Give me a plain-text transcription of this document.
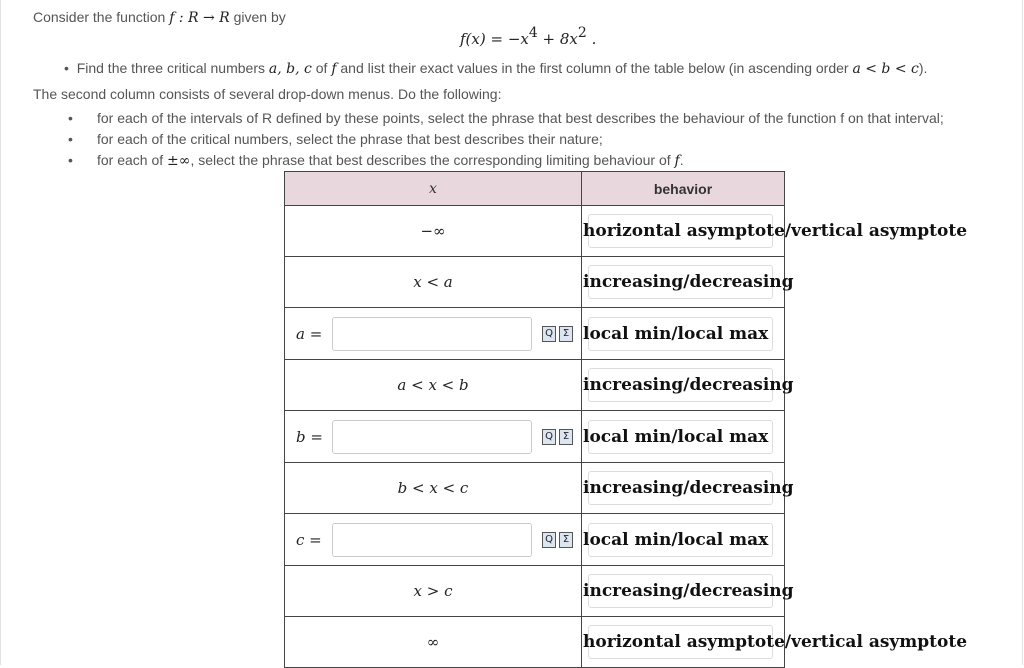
Consider the function f : R → R given by
f(x) = −x4 + 8x2 .
• Find the three critical numbers a, b, c of f and list their exact values in the first column of the table below (in ascending order a < b < c).
The second column consists of several drop-down menus. Do the following:
• for each of the intervals of R defined by these points, select the phrase that best describes the behaviour of the function f on that interval;
• for each of the critical numbers, select the phrase that best describes their nature;
• for each of ±∞, select the phrase that best describes the corresponding limiting behaviour of f.
x	behavior
−∞	horizontal asymptote/vertical asymptote

x < a	increasing/decreasing

a = Q Σ	local min/local max

a < x < b	increasing/decreasing

b = Q Σ	local min/local max

b < x < c	increasing/decreasing

c = Q Σ	local min/local max

x > c	increasing/decreasing

∞	horizontal asymptote/vertical asymptote
